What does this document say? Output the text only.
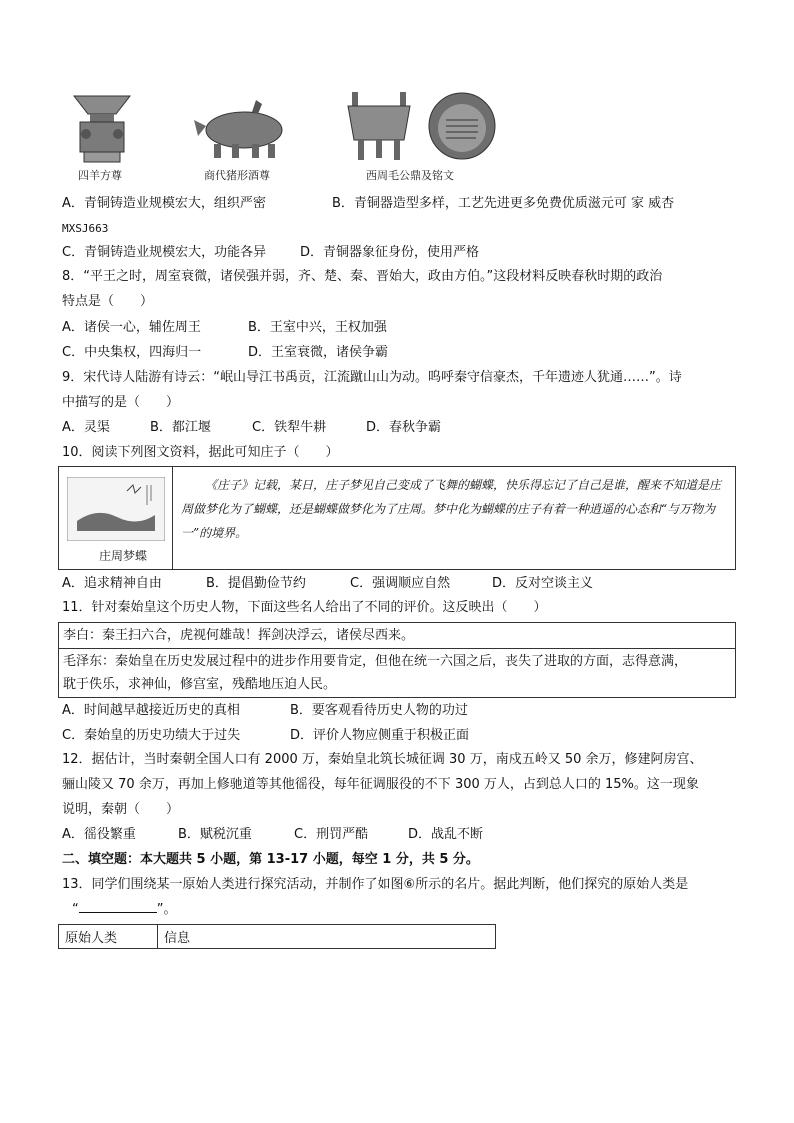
四羊方尊	商代猪形酒尊	西周毛公鼎及铭文
A．青铜铸造业规模宏大，组织严密	B．青铜器造型多样，工艺先进更多免费优质滋元可 家 威杏
MXSJ663
C．青铜铸造业规模宏大，功能各异	D．青铜器象征身份，使用严格
8．“平王之时，周室衰微，诸侯强并弱，齐、楚、秦、晋始大，政由方伯。”这段材料反映春秋时期的政治
特点是（　　）
A．诸侯一心，辅佐周王	B．王室中兴，王权加强
C．中央集权，四海归一	D．王室衰微，诸侯争霸
9．宋代诗人陆游有诗云：“岷山导江书禹贡，江流蹴山山为动。呜呼秦守信豪杰，千年遗迹人犹通……”。诗
中描写的是（　　）
A．灵渠	B．都江堰	C．铁犁牛耕	D．春秋争霸
10．阅读下列图文资料，据此可知庄子（　　）
庄周梦蝶
《庄子》记载，某日，庄子梦见自己变成了飞舞的蝴蝶，快乐得忘记了自己是谁，醒来不知道是庄周做梦化为了蝴蝶，还是蝴蝶做梦化为了庄周。梦中化为蝴蝶的庄子有着一种逍遥的心态和“与万物为一”的境界。
A．追求精神自由	B．提倡勤俭节约	C．强调顺应自然	D．反对空谈主义
11．针对秦始皇这个历史人物，下面这些名人给出了不同的评价。这反映出（　　）
李白：秦王扫六合，虎视何雄哉！挥剑决浮云，诸侯尽西来。
毛泽东：秦始皇在历史发展过程中的进步作用要肯定，但他在统一六国之后，丧失了进取的方面，志得意满，
耽于佚乐，求神仙，修宫室，残酷地压迫人民。
A．时间越早越接近历史的真相	B．要客观看待历史人物的功过
C．秦始皇的历史功绩大于过失	D．评价人物应侧重于积极正面
12．据估计，当时秦朝全国人口有 2000 万，秦始皇北筑长城征调 30 万，南戍五岭又 50 余万，修建阿房宫、
骊山陵又 70 余万，再加上修驰道等其他徭役，每年征调服役的不下 300 万人，占到总人口的 15%。这一现象
说明，秦朝（　　）
A．徭役繁重	B．赋税沉重	C．刑罚严酷	D．战乱不断
二、填空题：本大题共 5 小题，第 13-17 小题，每空 1 分，共 5 分。
13．同学们围绕某一原始人类进行探究活动，并制作了如图⑥所示的名片。据此判断，他们探究的原始人类是
“	”。
原始人类	信息
